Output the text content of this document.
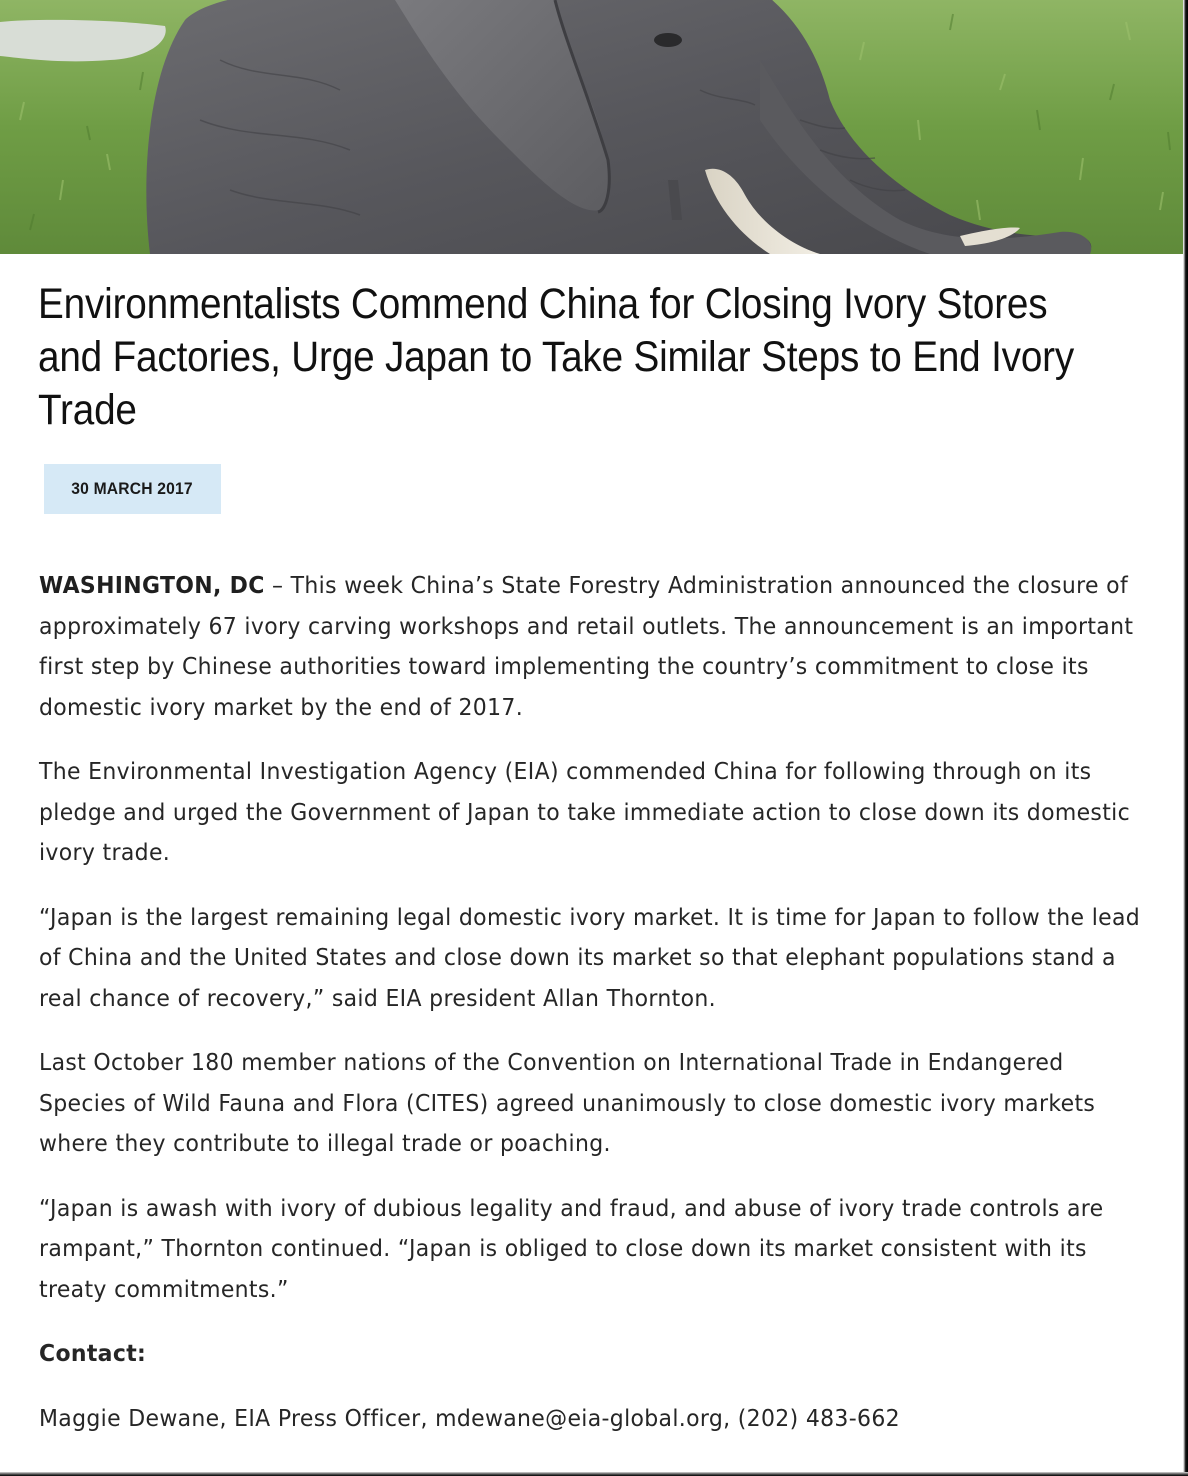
Environmentalists Commend China for Closing Ivory Stores
and Factories, Urge Japan to Take Similar Steps to End Ivory
Trade
30 MARCH 2017

WASHINGTON, DC – This week China’s State Forestry Administration announced the closure of approximately 67 ivory carving workshops and retail outlets. The announcement is an important first step by Chinese authorities toward implementing the country’s commitment to close its domestic ivory market by the end of 2017.

The Environmental Investigation Agency (EIA) commended China for following through on its pledge and urged the Government of Japan to take immediate action to close down its domestic ivory trade.

“Japan is the largest remaining legal domestic ivory market. It is time for Japan to follow the lead of China and the United States and close down its market so that elephant populations stand a real chance of recovery,” said EIA president Allan Thornton.

Last October 180 member nations of the Convention on International Trade in Endangered Species of Wild Fauna and Flora (CITES) agreed unanimously to close domestic ivory markets where they contribute to illegal trade or poaching.

“Japan is awash with ivory of dubious legality and fraud, and abuse of ivory trade controls are rampant,” Thornton continued. “Japan is obliged to close down its market consistent with its treaty commitments.”

Contact:

Maggie Dewane, EIA Press Officer, mdewane@eia-global.org, (202) 483-662
